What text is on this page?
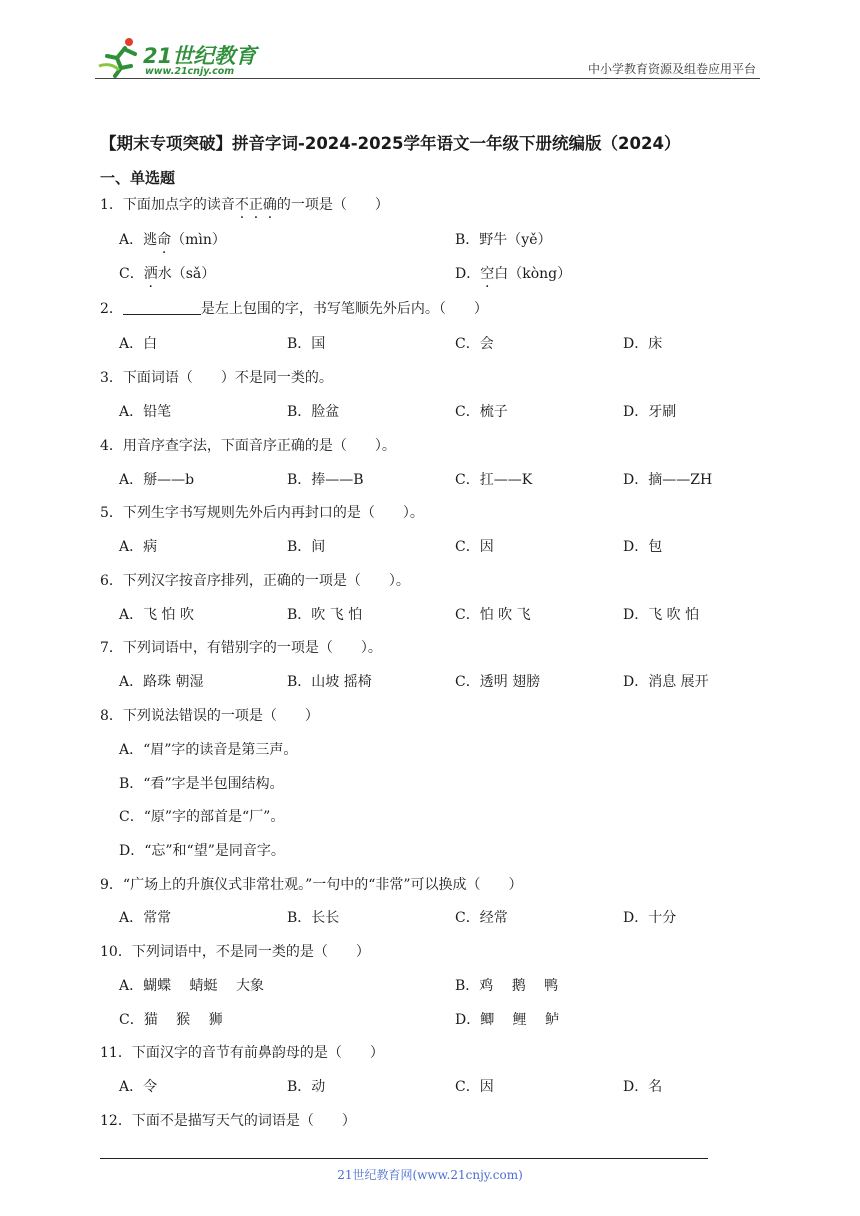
21世纪教育
www.21cnjy.com	中小学教育资源及组卷应用平台
【期末专项突破】拼音字词-2024-2025学年语文一年级下册统编版（2024）
一、单选题
1．下面加点字的读音不正确的一项是（　　）
A．逃命（mìn）	B．野牛（yě）
C．洒水（sǎ）	D．空白（kòng）
2．	是左上包围的字，书写笔顺先外后内。（　　）
A．白	B．国	C．会	D．床
3．下面词语（　　）不是同一类的。
A．铅笔	B．脸盆	C．梳子	D．牙刷
4．用音序查字法，下面音序正确的是（　　）。
A．掰——b	B．捧——B	C．扛——K	D．摘——ZH
5．下列生字书写规则先外后内再封口的是（　　）。
A．病	B．间	C．因	D．包
6．下列汉字按音序排列，正确的一项是（　　）。
A．飞 怕 吹	B．吹 飞 怕	C．怕 吹 飞	D．飞 吹 怕
7．下列词语中，有错别字的一项是（　　）。
A．路珠 朝湿	B．山坡 摇椅	C．透明 翅膀	D．消息 展开
8．下列说法错误的一项是（　　）
A．“眉”字的读音是第三声。
B．“看”字是半包围结构。
C．“原”字的部首是“厂”。
D．“忘”和“望”是同音字。
9．“广场上的升旗仪式非常壮观。”一句中的“非常”可以换成（　　）
A．常常	B．长长	C．经常	D．十分
10．下列词语中，不是同一类的是（　　）
A．蝴蝶　 蜻蜓　 大象	B．鸡　 鹅　 鸭
C．猫　 猴　 狮	D．鲫　 鲤　 鲈
11．下面汉字的音节有前鼻韵母的是（　　）
A．令	B．动	C．因	D．名
12．下面不是描写天气的词语是（　　）
21世纪教育网(www.21cnjy.com)
